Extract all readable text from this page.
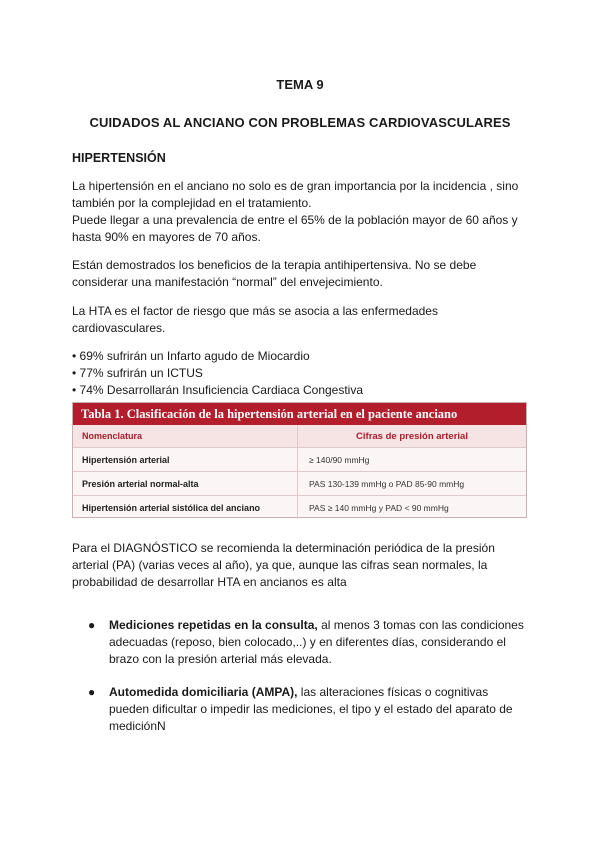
TEMA 9
CUIDADOS AL ANCIANO CON PROBLEMAS CARDIOVASCULARES
HIPERTENSIÓN

La hipertensión en el anciano no solo es de gran importancia por la incidencia , sino

también por la complejidad en el tratamiento.

Puede llegar a una prevalencia de entre el 65% de la población mayor de 60 años y

hasta 90% en mayores de 70 años.

Están demostrados los beneficios de la terapia antihipertensiva. No se debe

considerar una manifestación “normal” del envejecimiento.

La HTA es el factor de riesgo que más se asocia a las enfermedades

cardiovasculares.

• 69% sufrirán un Infarto agudo de Miocardio
• 77% sufrirán un ICTUS
• 74% Desarrollarán Insuficiencia Cardiaca Congestiva
Tabla 1. Clasificación de la hipertensión arterial en el paciente anciano
Nomenclatura	Cifras de presión arterial
Hipertensión arterial	≥ 140/90 mmHg
Presión arterial normal-alta	PAS 130-139 mmHg o PAD 85-90 mmHg
Hipertensión arterial sistólica del anciano	PAS ≥ 140 mmHg y PAD < 90 mmHg

Para el DIAGNÓSTICO se recomienda la determinación periódica de la presión

arterial (PA) (varias veces al año), ya que, aunque las cifras sean normales, la

probabilidad de desarrollar HTA en ancianos es alta

● Mediciones repetidas en la consulta, al menos 3 tomas con las condiciones
adecuadas (reposo, bien colocado,..) y en diferentes días, considerando el
brazo con la presión arterial más elevada.
● Automedida domiciliaria (AMPA), las alteraciones físicas o cognitivas
pueden dificultar o impedir las mediciones, el tipo y el estado del aparato de
mediciónN
